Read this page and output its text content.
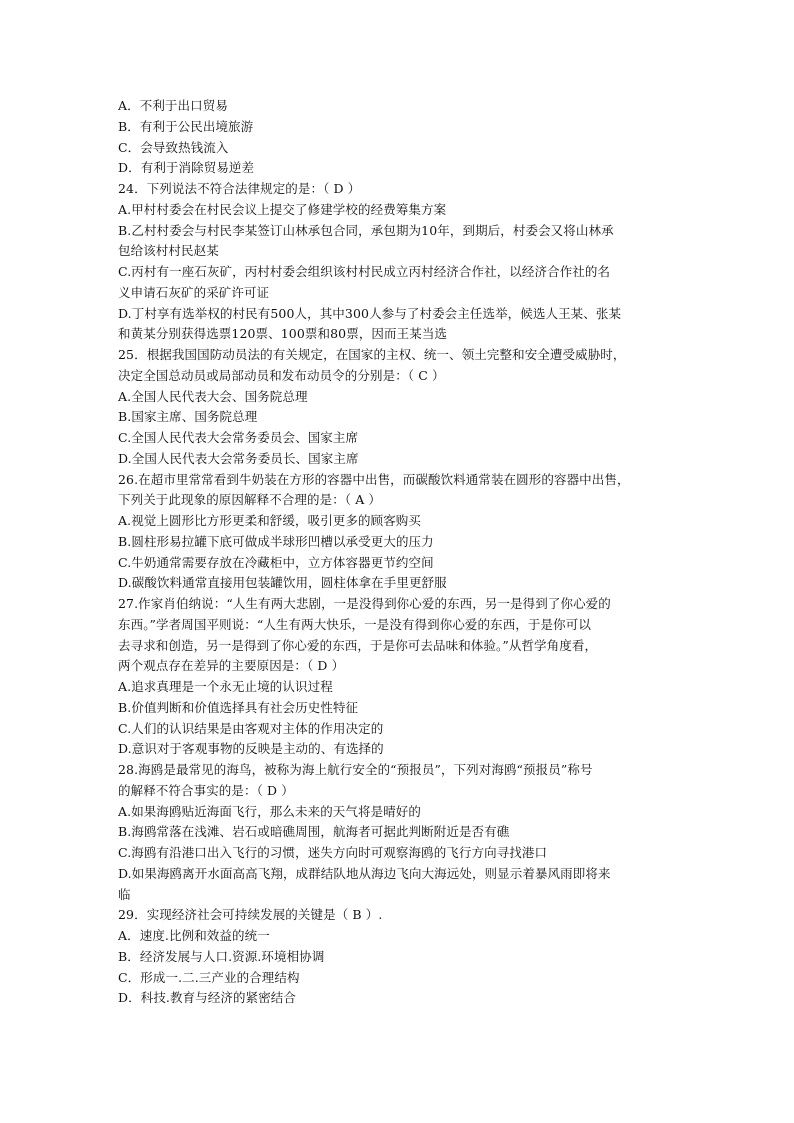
A．不利于出口贸易
B．有利于公民出境旅游
C．会导致热钱流入
D．有利于消除贸易逆差
24．下列说法不符合法律规定的是：（ D ）
A.甲村村委会在村民会议上提交了修建学校的经费筹集方案
B.乙村村委会与村民李某签订山林承包合同，承包期为10年，到期后，村委会又将山林承
包给该村村民赵某
C.丙村有一座石灰矿，丙村村委会组织该村村民成立丙村经济合作社，以经济合作社的名
义申请石灰矿的采矿许可证
D.丁村享有选举权的村民有500人，其中300人参与了村委会主任选举，候选人王某、张某
和黄某分别获得选票120票、100票和80票，因而王某当选
25．根据我国国防动员法的有关规定，在国家的主权、统一、领土完整和安全遭受威胁时，
决定全国总动员或局部动员和发布动员令的分别是：（ C ）
A.全国人民代表大会、国务院总理
B.国家主席、国务院总理
C.全国人民代表大会常务委员会、国家主席
D.全国人民代表大会常务委员长、国家主席
26.在超市里常常看到牛奶装在方形的容器中出售，而碳酸饮料通常装在圆形的容器中出售，
下列关于此现象的原因解释不合理的是：（ A ）
A.视觉上圆形比方形更柔和舒缓，吸引更多的顾客购买
B.圆柱形易拉罐下底可做成半球形凹槽以承受更大的压力
C.牛奶通常需要存放在冷藏柜中，立方体容器更节约空间
D.碳酸饮料通常直接用包装罐饮用，圆柱体拿在手里更舒服
27.作家肖伯纳说：“人生有两大悲剧，一是没得到你心爱的东西，另一是得到了你心爱的
东西。”学者周国平则说：“人生有两大快乐，一是没有得到你心爱的东西，于是你可以
去寻求和创造，另一是得到了你心爱的东西，于是你可去品味和体验。”从哲学角度看，
两个观点存在差异的主要原因是：（ D ）
A.追求真理是一个永无止境的认识过程
B.价值判断和价值选择具有社会历史性特征
C.人们的认识结果是由客观对主体的作用决定的
D.意识对于客观事物的反映是主动的、有选择的
28.海鸥是最常见的海鸟，被称为海上航行安全的“预报员”，下列对海鸥“预报员”称号
的解释不符合事实的是：（ D ）
A.如果海鸥贴近海面飞行，那么未来的天气将是晴好的
B.海鸥常落在浅滩、岩石或暗礁周围，航海者可据此判断附近是否有礁
C.海鸥有沿港口出入飞行的习惯，迷失方向时可观察海鸥的飞行方向寻找港口
D.如果海鸥离开水面高高飞翔，成群结队地从海边飞向大海远处，则显示着暴风雨即将来
临
29．实现经济社会可持续发展的关键是（ B ）.
A．速度.比例和效益的统一
B．经济发展与人口.资源.环境相协调
C．形成一.二.三产业的合理结构
D．科技.教育与经济的紧密结合
